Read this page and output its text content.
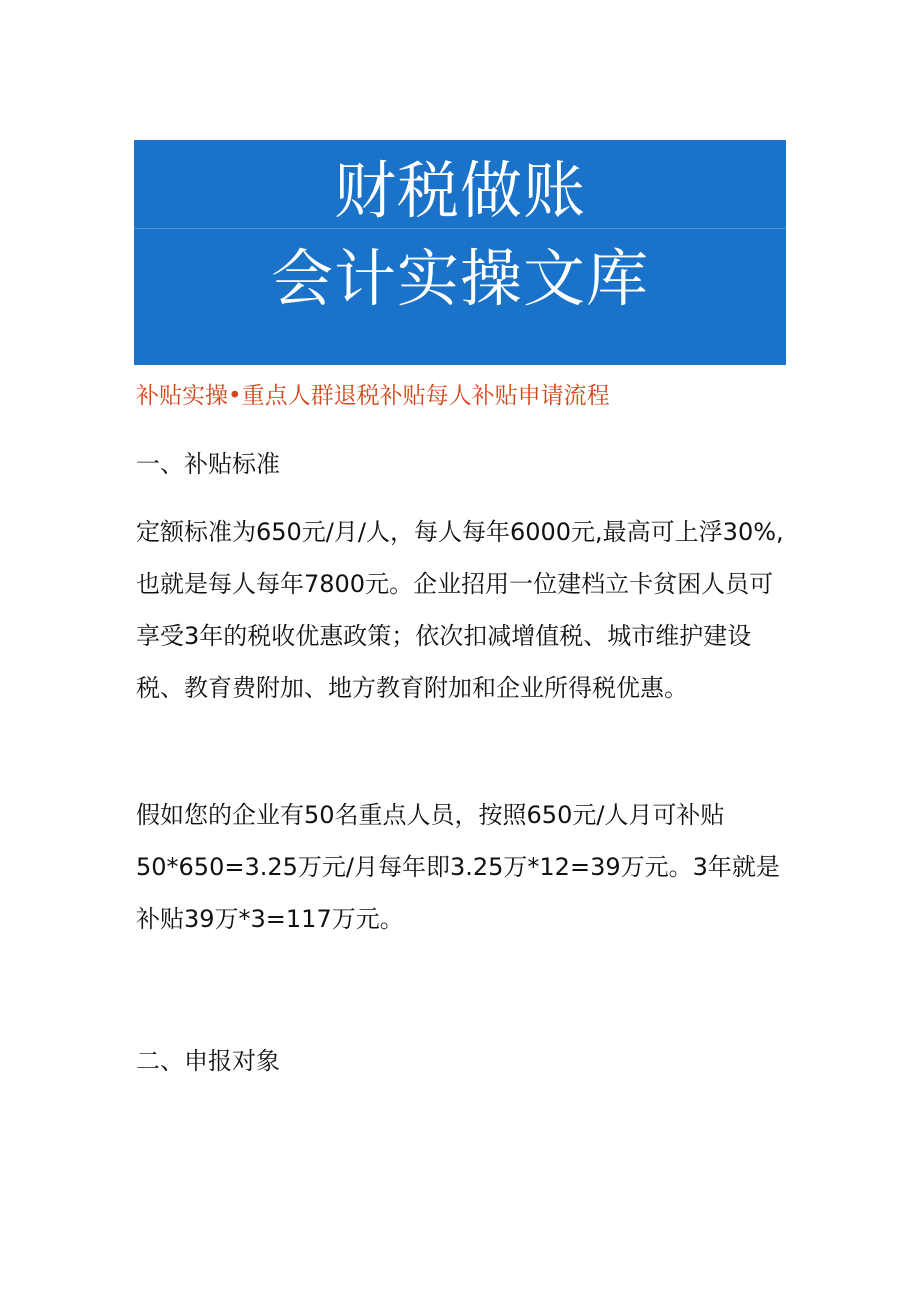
财税做账
会计实操文库
补贴实操•重点人群退税补贴每人补贴申请流程
一、补贴标准
定额标准为650元/月/人，每人每年6000元,最高可上浮30%,
也就是每人每年7800元。企业招用一位建档立卡贫困人员可
享受3年的税收优惠政策；依次扣减增值税、城市维护建设
税、教育费附加、地方教育附加和企业所得税优惠。
假如您的企业有50名重点人员，按照650元/人月可补贴
50*650=3.25万元/月每年即3.25万*12=39万元。3年就是
补贴39万*3=117万元。
二、申报对象
